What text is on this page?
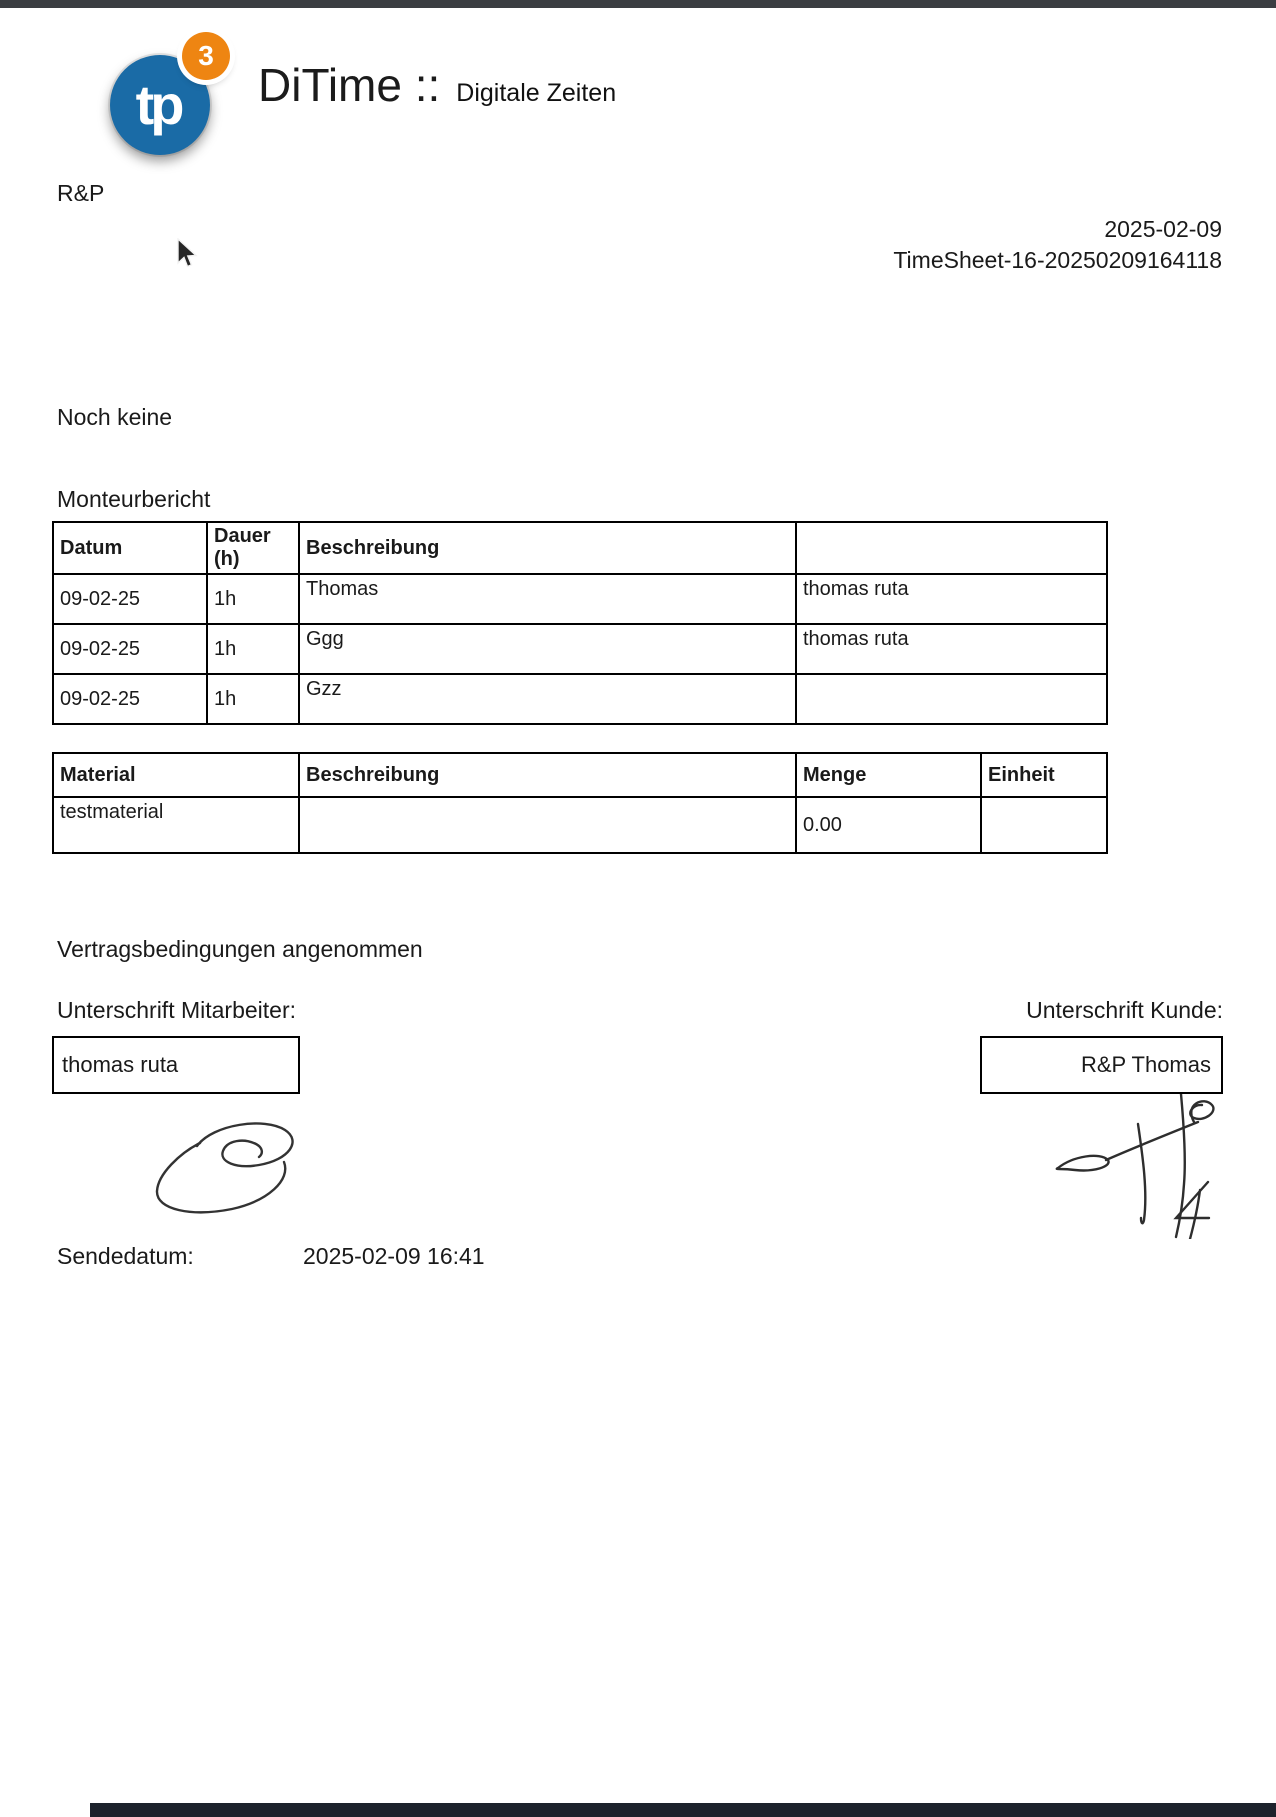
tp
3
DiTime :: Digitale Zeiten
R&P
2025-02-09
TimeSheet-16-20250209164118
Noch keine
Monteurbericht
Datum	Dauer (h)	Beschreibung	
09-02-25	1h	Thomas	thomas ruta
09-02-25	1h	Ggg	thomas ruta
09-02-25	1h	Gzz	
Material	Beschreibung	Menge	Einheit
testmaterial		0.00	
Vertragsbedingungen angenommen
Unterschrift Mitarbeiter:	Unterschrift Kunde:
thomas ruta	R&P Thomas
Sendedatum:	2025-02-09 16:41
